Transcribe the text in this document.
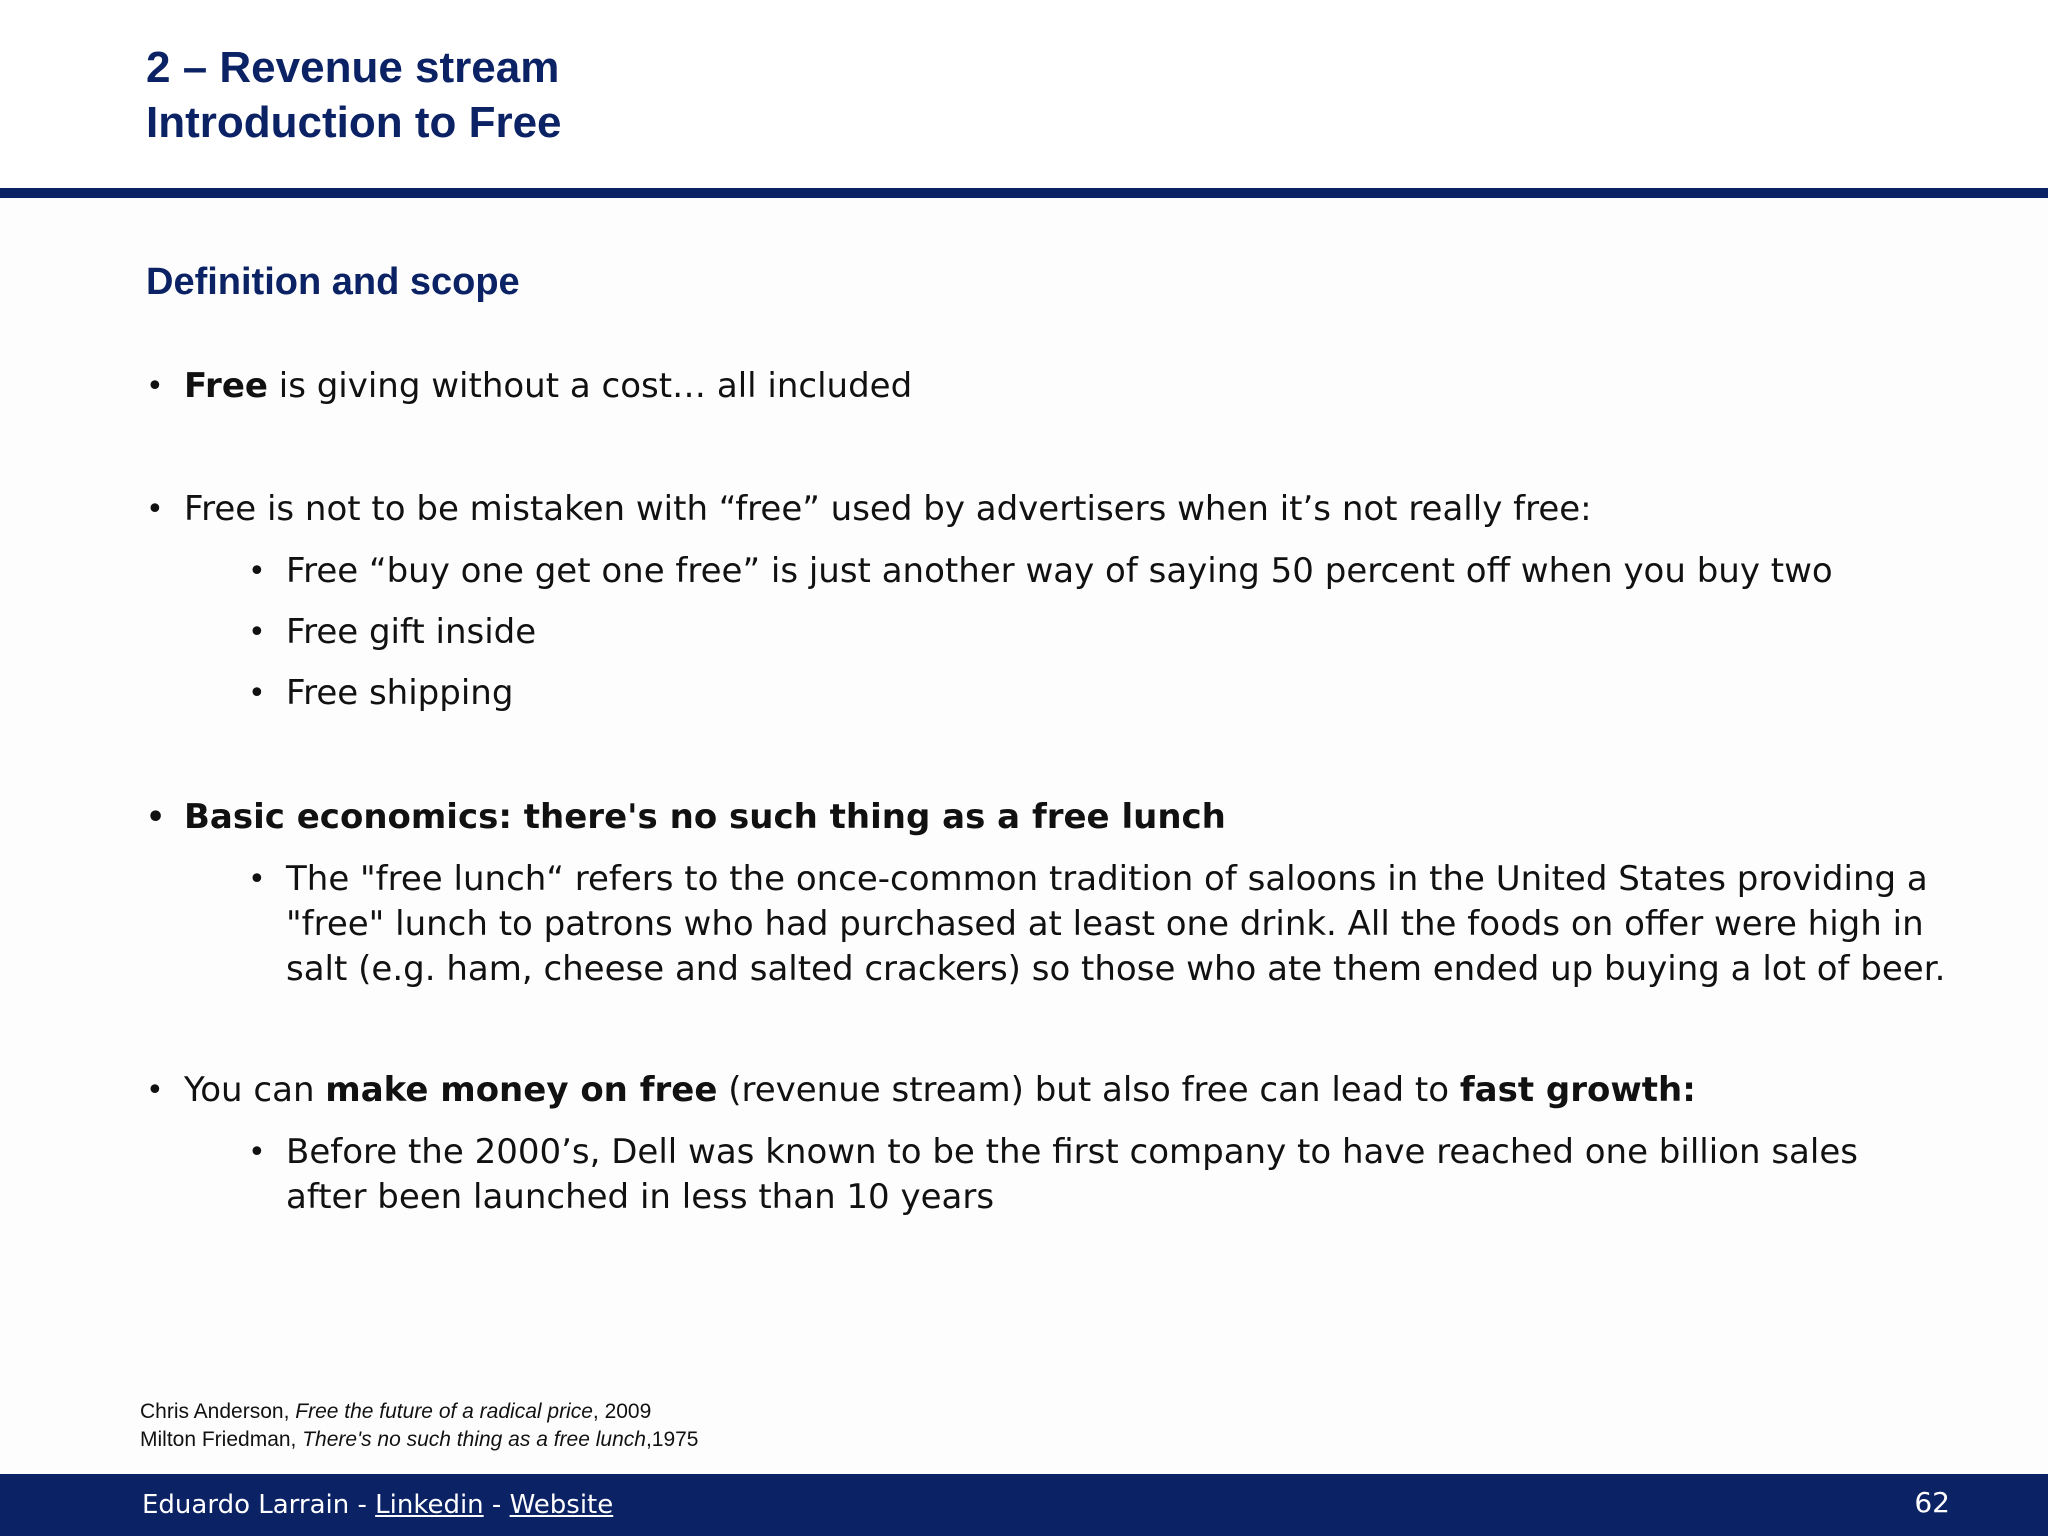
2 – Revenue stream
Introduction to Free
Definition and scope
• Free is giving without a cost… all included
• Free is not to be mistaken with “free” used by advertisers when it’s not really free:
• Free “buy one get one free” is just another way of saying 50 percent off when you buy two
• Free gift inside
• Free shipping
• Basic economics: there's no such thing as a free lunch
• The "free lunch“ refers to the once-common tradition of saloons in the United States providing a "free" lunch to patrons who had purchased at least one drink. All the foods on offer were high in salt (e.g. ham, cheese and salted crackers) so those who ate them ended up buying a lot of beer.
• You can make money on free (revenue stream) but also free can lead to fast growth:
• Before the 2000’s, Dell was known to be the first company to have reached one billion sales after been launched in less than 10 years
Chris Anderson, Free the future of a radical price, 2009
Milton Friedman, There's no such thing as a free lunch,1975
Eduardo Larrain - Linkedin - Website	62
